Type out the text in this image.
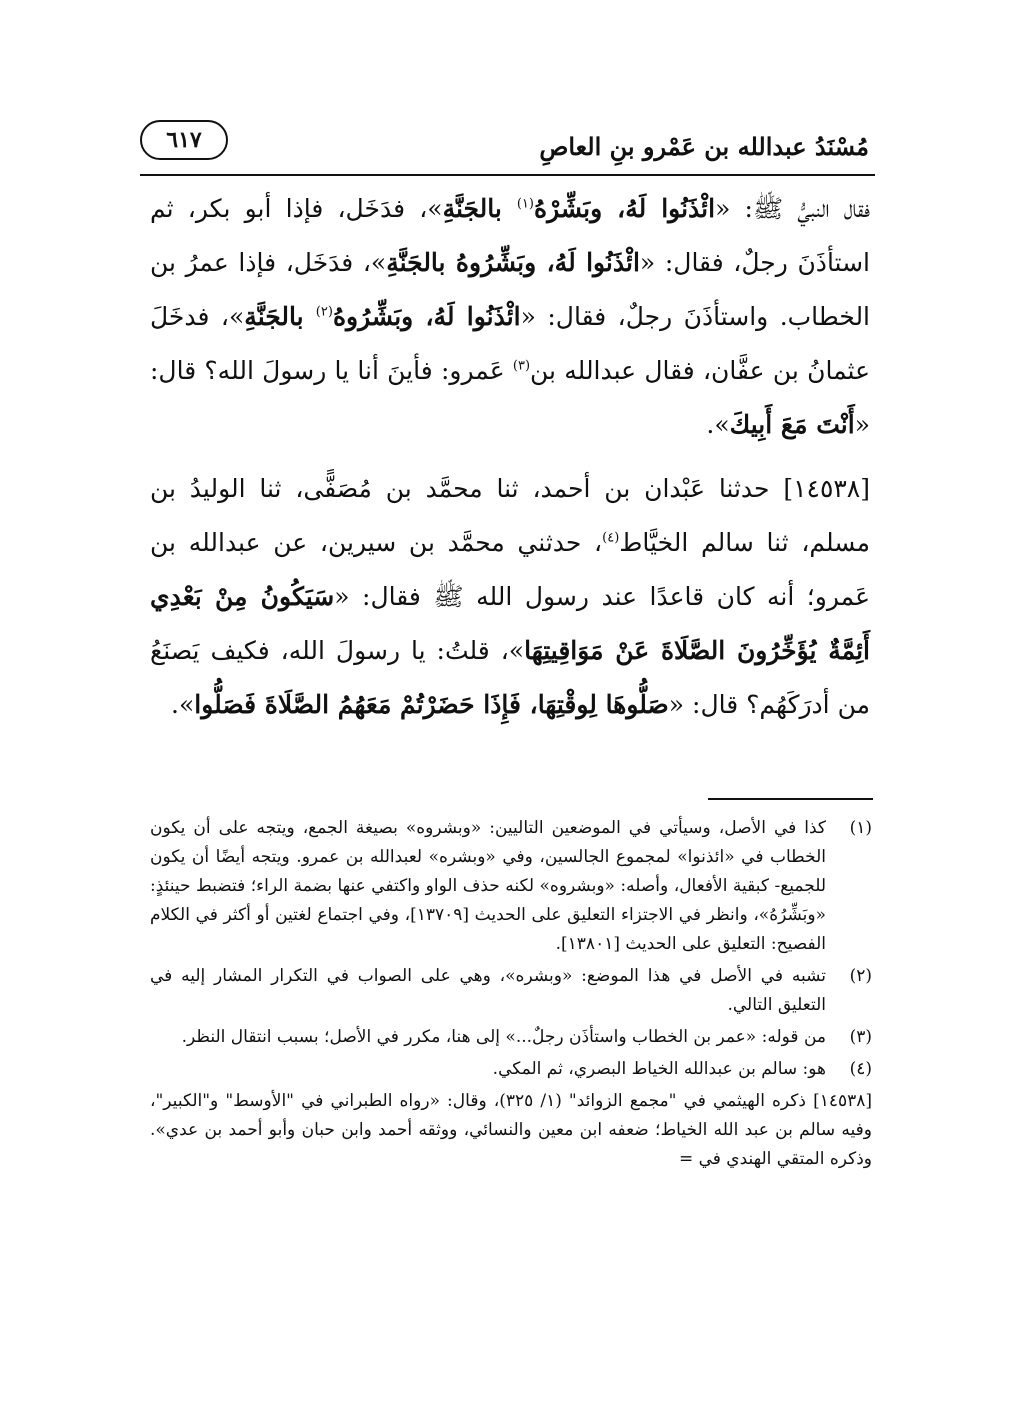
مُسْنَدُ عبدالله بن عَمْرو بنِ العاصِ
٦١٧

فقال النبيُّ ﷺ: «ائْذَنُوا لَهُ، وبَشِّرْهُ$^{(١)}$ بالجَنَّةِ»، فدَخَل، فإذا أبو بكر، ثم استأذَنَ رجلٌ، فقال: «ائْذَنُوا لَهُ، وبَشِّرُوهُ بالجَنَّةِ»، فدَخَل، فإذا عمرُ بن الخطاب. واستأذَنَ رجلٌ، فقال: «ائْذَنُوا لَهُ، وبَشِّرُوهُ$^{(٢)}$ بالجَنَّةِ»، فدخَلَ عثمانُ بن عفَّان، فقال عبدالله بن$^{(٣)}$ عَمرو: فأينَ أنا يا رسولَ الله؟ قال: «أَنْتَ مَعَ أَبِيكَ».

[١٤٥٣٨] حدثنا عَبْدان بن أحمد، ثنا محمَّد بن مُصَفًّى، ثنا الوليدُ بن مسلم، ثنا سالم الخيَّاط$^{(٤)}$، حدثني محمَّد بن سيرين، عن عبدالله بن عَمرو؛ أنه كان قاعدًا عند رسول الله ﷺ فقال: «سَيَكُونُ مِنْ بَعْدِي أَئِمَّةٌ يُؤَخِّرُونَ الصَّلَاةَ عَنْ مَوَاقِيتِهَا»، قلتُ: يا رسولَ الله، فكيف يَصنَعُ من أدرَكَهُم؟ قال: «صَلُّوهَا لِوقْتِهَا، فَإِذَا حَضَرْتُمْ مَعَهُمُ الصَّلَاةَ فَصَلُّوا».

(١)
كذا في الأصل، وسيأتي في الموضعين التاليين: «وبشروه» بصيغة الجمع، ويتجه على أن يكون الخطاب في «ائذنوا» لمجموع الجالسين، وفي «وبشره» لعبدالله بن عمرو. ويتجه أيضًا أن يكون للجميع- كبقية الأفعال، وأصله: «وبشروه» لكنه حذف الواو واكتفي عنها بضمة الراء؛ فتضبط حينئذٍ: «وبَشِّرُهُ»، وانظر في الاجتزاء التعليق على الحديث [١٣٧٠٩]، وفي اجتماع لغتين أو أكثر في الكلام الفصيح: التعليق على الحديث [١٣٨٠١].

(٢)
تشبه في الأصل في هذا الموضع: «وبشره»، وهي على الصواب في التكرار المشار إليه في التعليق التالي.

(٣)
من قوله: «عمر بن الخطاب واستأذَن رجلٌ...» إلى هنا، مكرر في الأصل؛ بسبب انتقال النظر.

(٤)
هو: سالم بن عبدالله الخياط البصري، ثم المكي.

[١٤٥٣٨] ذكره الهيثمي في "مجمع الزوائد" (١/ ٣٢٥)، وقال: «رواه الطبراني في "الأوسط" و"الكبير"، وفيه سالم بن عبد الله الخياط؛ ضعفه ابن معين والنسائي، ووثقه أحمد وابن حبان وأبو أحمد بن عدي». وذكره المتقي الهندي في =
